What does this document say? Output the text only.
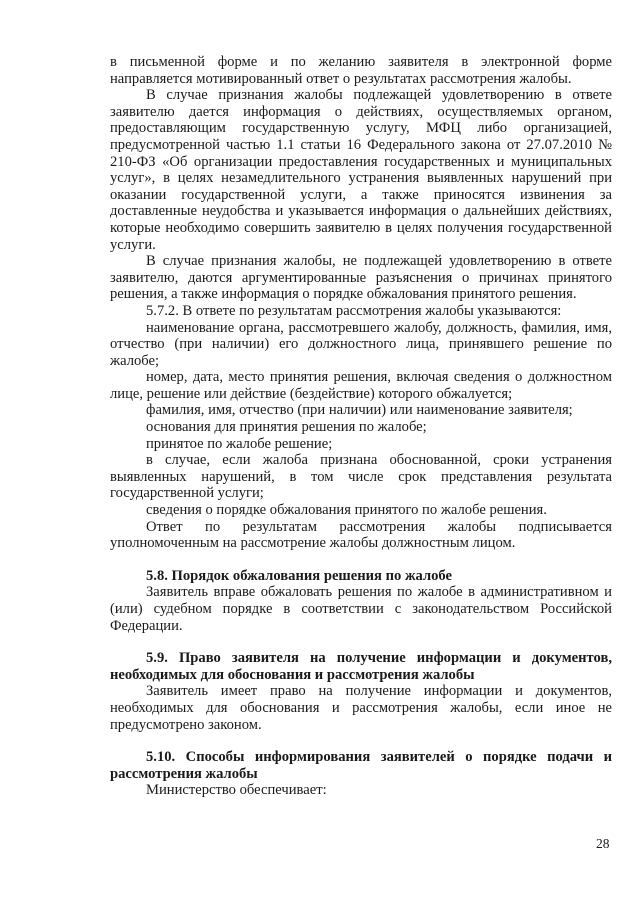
в письменной форме и по желанию заявителя в электронной форме направляется мотивированный ответ о результатах рассмотрения жалобы.

В случае признания жалобы подлежащей удовлетворению в ответе заявителю дается информация о действиях, осуществляемых органом, предоставляющим государственную услугу, МФЦ либо организацией, предусмотренной частью 1.1 статьи 16 Федерального закона от 27.07.2010 № 210-ФЗ «Об организации предоставления государственных и муниципальных услуг», в целях незамедлительного устранения выявленных нарушений при оказании государственной услуги, а также приносятся извинения за доставленные неудобства и указывается информация о дальнейших действиях, которые необходимо совершить заявителю в целях получения государственной услуги.

В случае признания жалобы, не подлежащей удовлетворению в ответе заявителю, даются аргументированные разъяснения о причинах принятого решения, а также информация о порядке обжалования принятого решения.

5.7.2. В ответе по результатам рассмотрения жалобы указываются:

наименование органа, рассмотревшего жалобу, должность, фамилия, имя, отчество (при наличии) его должностного лица, принявшего решение по жалобе;

номер, дата, место принятия решения, включая сведения о должностном лице, решение или действие (бездействие) которого обжалуется;

фамилия, имя, отчество (при наличии) или наименование заявителя;

основания для принятия решения по жалобе;

принятое по жалобе решение;

в случае, если жалоба признана обоснованной, сроки устранения выявленных нарушений, в том числе срок представления результата государственной услуги;

сведения о порядке обжалования принятого по жалобе решения.

Ответ по результатам рассмотрения жалобы подписывается уполномоченным на рассмотрение жалобы должностным лицом.

5.8. Порядок обжалования решения по жалобе

Заявитель вправе обжаловать решения по жалобе в административном и (или) судебном порядке в соответствии с законодательством Российской Федерации.

5.9. Право заявителя на получение информации и документов, необходимых для обоснования и рассмотрения жалобы

Заявитель имеет право на получение информации и документов, необходимых для обоснования и рассмотрения жалобы, если иное не предусмотрено законом.

5.10. Способы информирования заявителей о порядке подачи и рассмотрения жалобы

Министерство обеспечивает:

28
